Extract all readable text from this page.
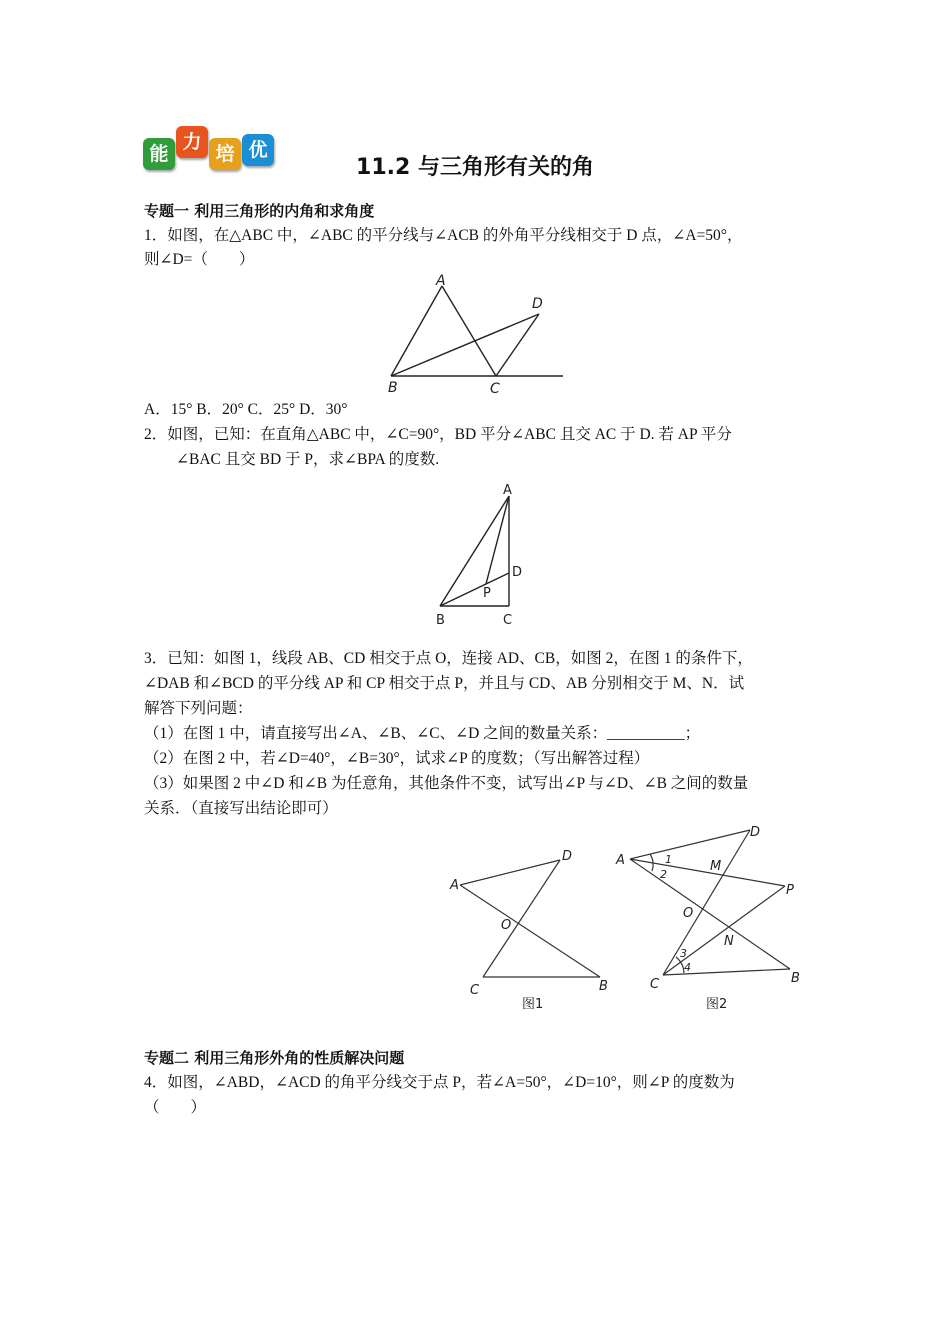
能
力
培 优
11.2 与三角形有关的角
专题一 利用三角形的内角和求角度
1．如图，在△ABC 中，∠ABC 的平分线与∠ACB 的外角平分线相交于 D 点，∠A=50°，
则∠D=（　　）
A
B	C
D
A．15° B．20° C．25° D．30°
2．如图，已知：在直角△ABC 中，∠C=90°，BD 平分∠ABC 且交 AC 于 D. 若 AP 平分
∠BAC 且交 BD 于 P，求∠BPA 的度数.
A
B	C
D
P
3．已知：如图 1，线段 AB、CD 相交于点 O，连接 AD、CB，如图 2，在图 1 的条件下，
∠DAB 和∠BCD 的平分线 AP 和 CP 相交于点 P，并且与 CD、AB 分别相交于 M、N．试
解答下列问题：
（1）在图 1 中，请直接写出∠A、∠B、∠C、∠D 之间的数量关系：__________；
（2）在图 2 中，若∠D=40°，∠B=30°，试求∠P 的度数；（写出解答过程）
（3）如果图 2 中∠D 和∠B 为任意角，其他条件不变，试写出∠P 与∠D、∠B 之间的数量
关系．（直接写出结论即可）
A
D
O
C	B
图1
A
D
M
P
O
N
C	B
1
2
3
4
图2
专题二 利用三角形外角的性质解决问题
4．如图，∠ABD，∠ACD 的角平分线交于点 P，若∠A=50°，∠D=10°，则∠P 的度数为
（　　）
